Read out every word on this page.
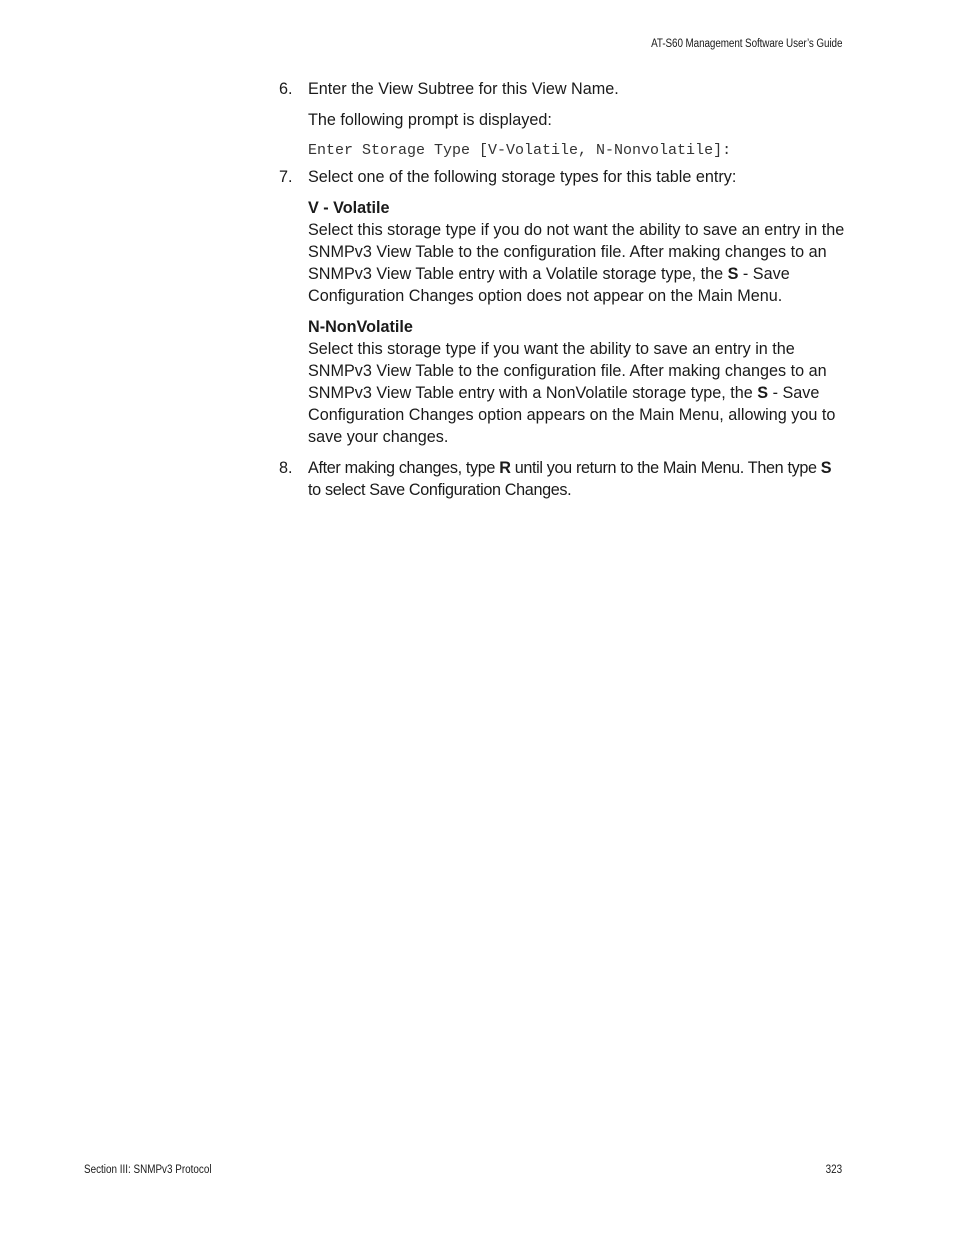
AT-S60 Management Software User’s Guide
6. Enter the View Subtree for this View Name.

The following prompt is displayed:

Enter Storage Type [V-Volatile, N-Nonvolatile]:
7. Select one of the following storage types for this table entry:

V - Volatile

Select this storage type if you do not want the ability to save an entry in the SNMPv3 View Table to the configuration file. After making changes to an SNMPv3 View Table entry with a Volatile storage type, the S - Save Configuration Changes option does not appear on the Main Menu.

N-NonVolatile

Select this storage type if you want the ability to save an entry in the SNMPv3 View Table to the configuration file. After making changes to an SNMPv3 View Table entry with a NonVolatile storage type, the S - Save Configuration Changes option appears on the Main Menu, allowing you to save your changes.

8. After making changes, type R until you return to the Main Menu. Then type S to select Save Configuration Changes.

Section III: SNMPv3 Protocol	323
